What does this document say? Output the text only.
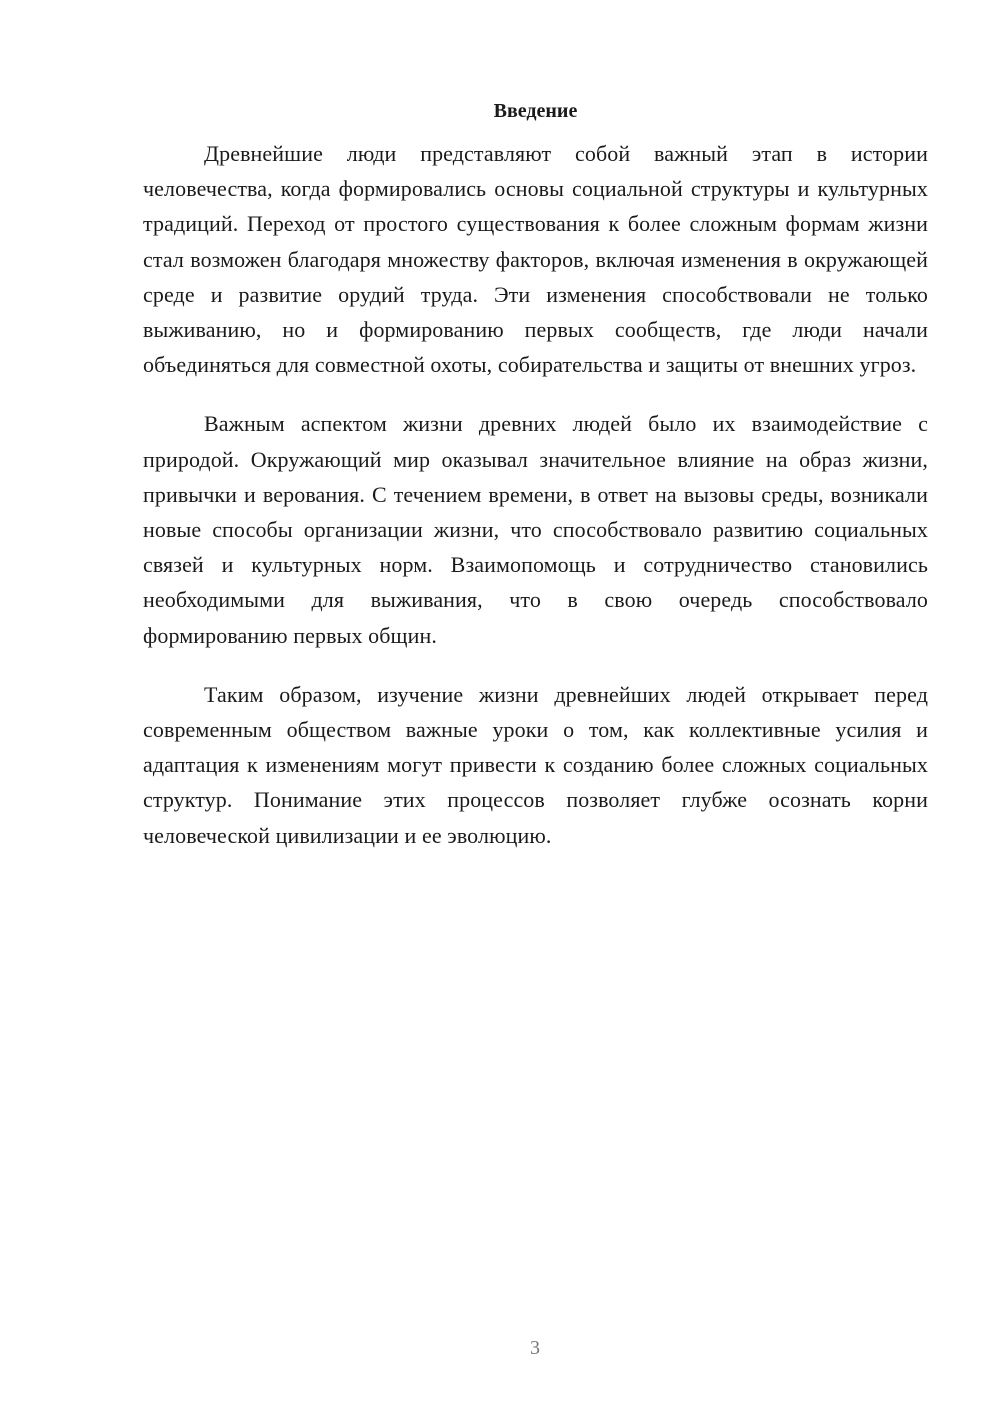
Введение

Древнейшие люди представляют собой важный этап в истории человечества, когда формировались основы социальной структуры и культурных традиций. Переход от простого существования к более сложным формам жизни стал возможен благодаря множеству факторов, включая изменения в окружающей среде и развитие орудий труда. Эти изменения способствовали не только выживанию, но и формированию первых сообществ, где люди начали объединяться для совместной охоты, собирательства и защиты от внешних угроз.

Важным аспектом жизни древних людей было их взаимодействие с природой. Окружающий мир оказывал значительное влияние на образ жизни, привычки и верования. С течением времени, в ответ на вызовы среды, возникали новые способы организации жизни, что способствовало развитию социальных связей и культурных норм. Взаимопомощь и сотрудничество становились необходимыми для выживания, что в свою очередь способствовало формированию первых общин.

Таким образом, изучение жизни древнейших людей открывает перед современным обществом важные уроки о том, как коллективные усилия и адаптация к изменениям могут привести к созданию более сложных социальных структур. Понимание этих процессов позволяет глубже осознать корни человеческой цивилизации и ее эволюцию.

3
